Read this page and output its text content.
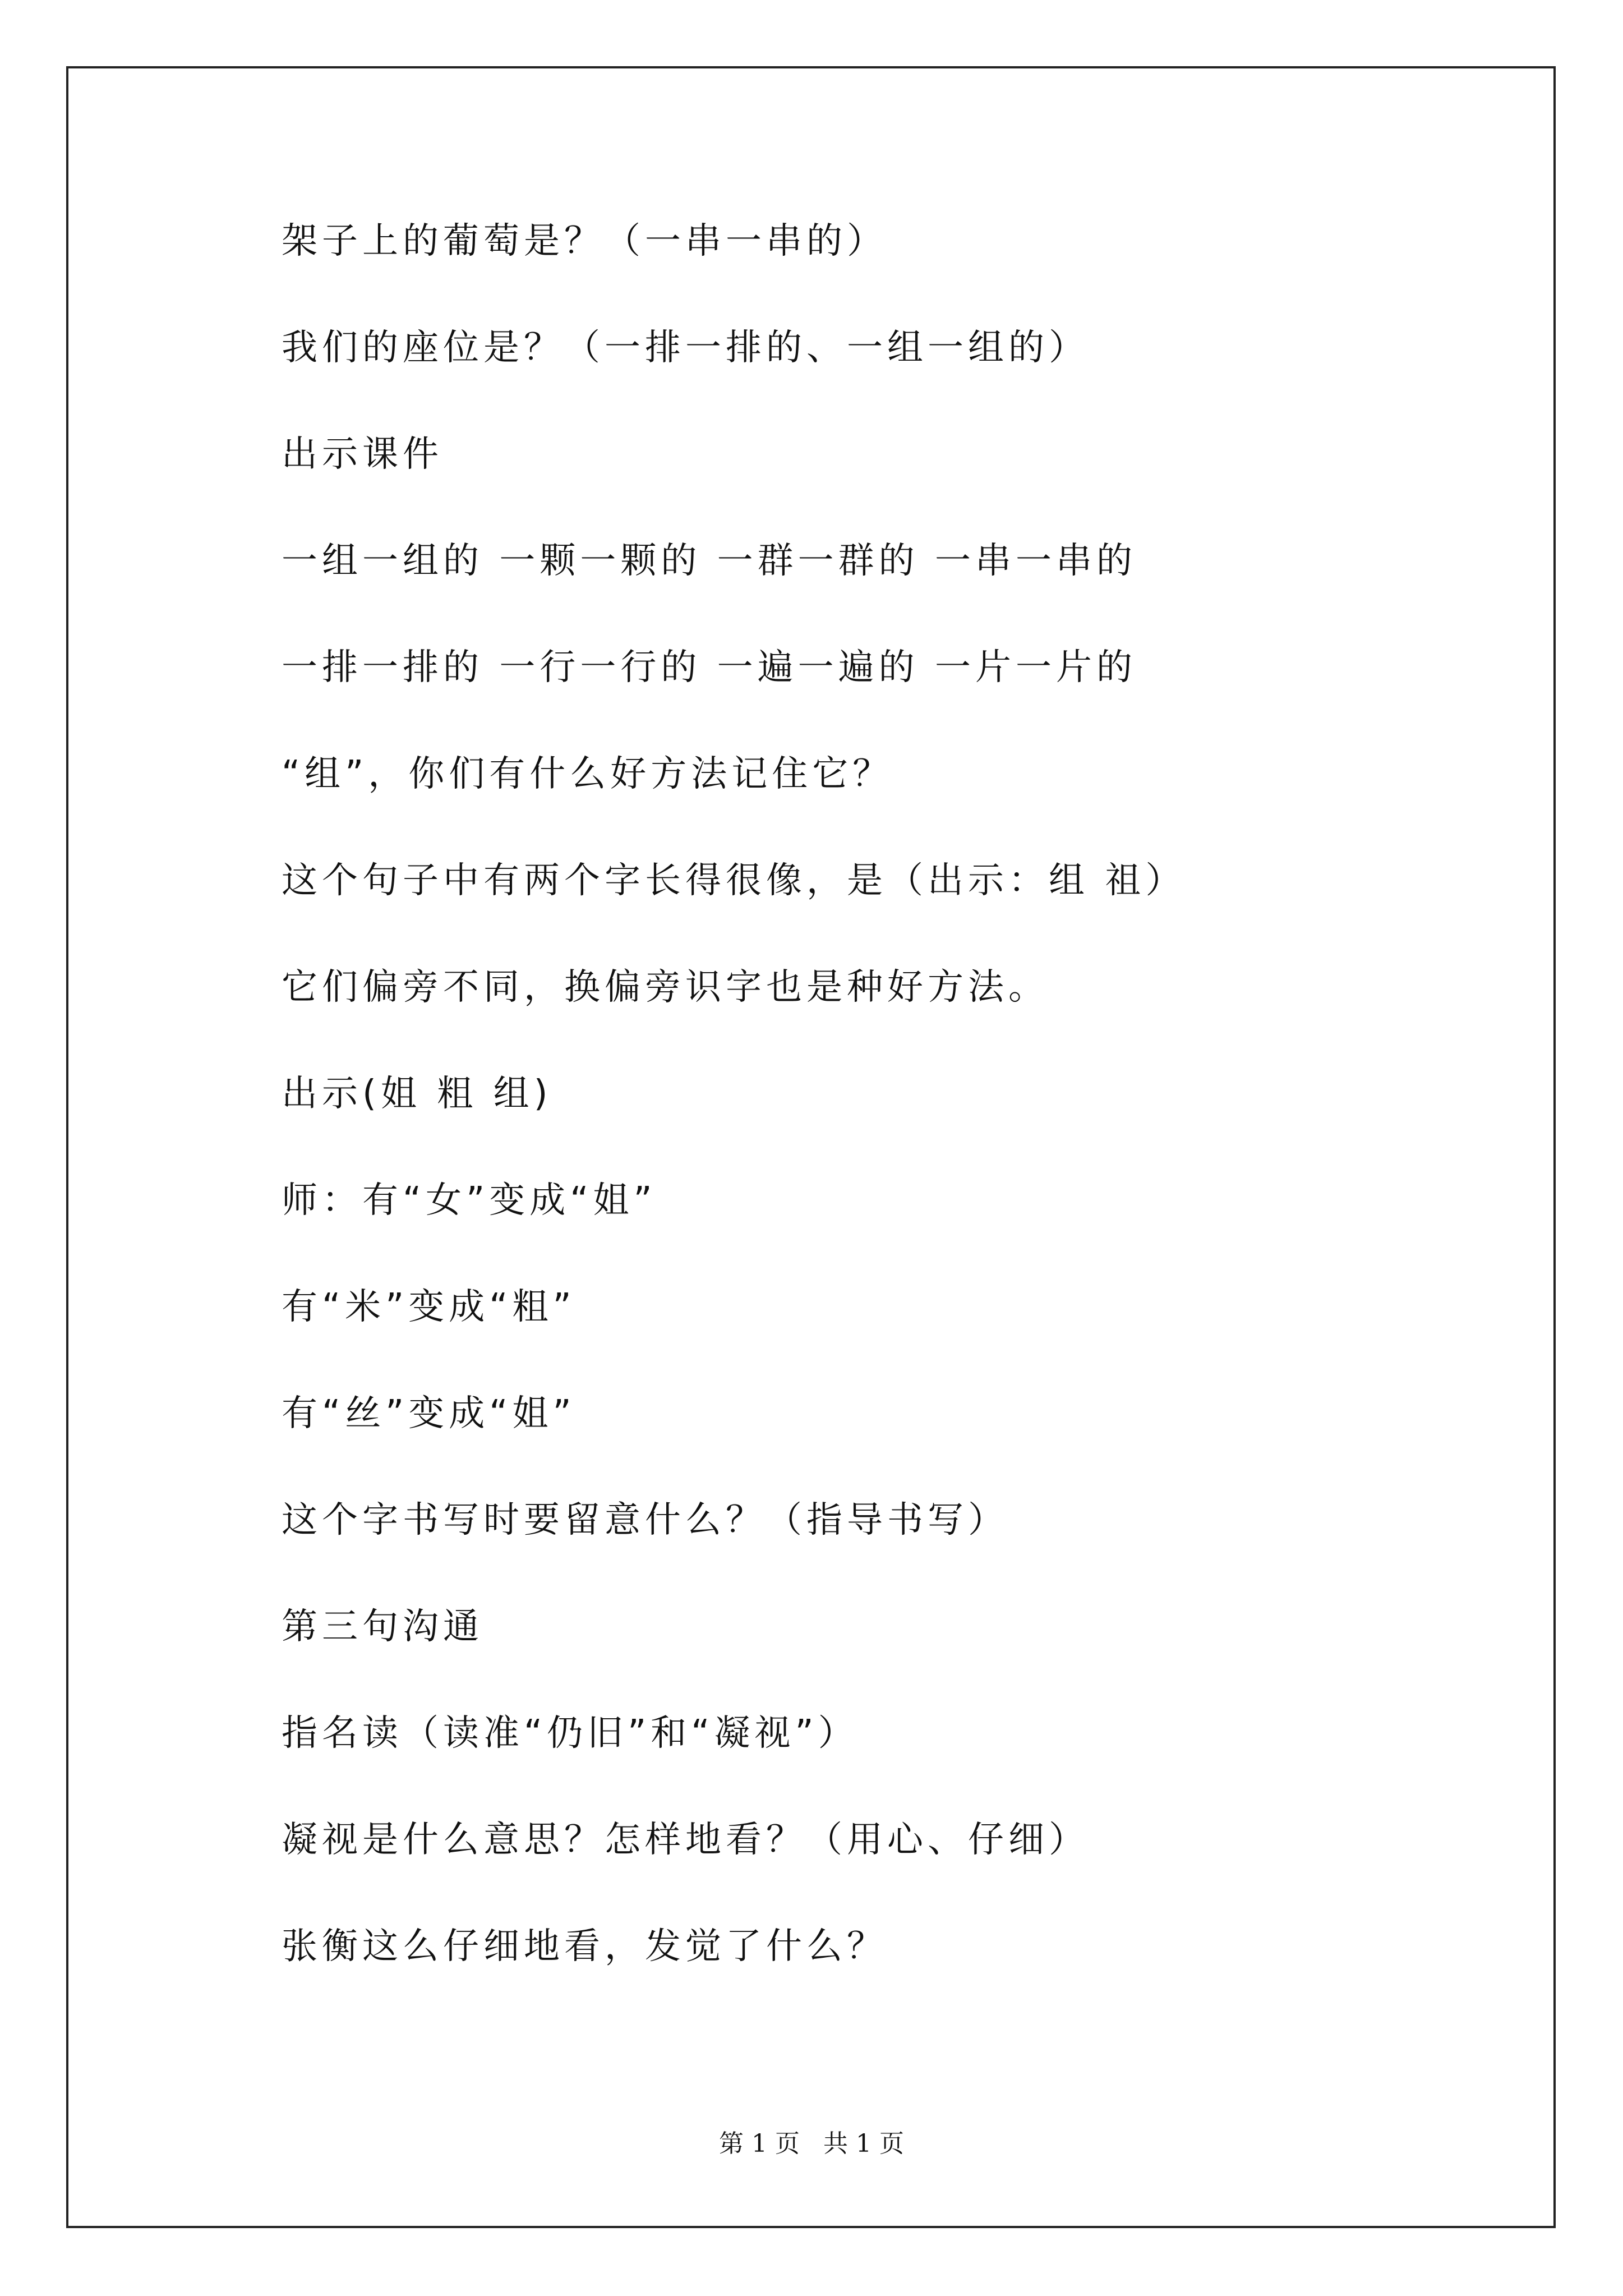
架子上的葡萄是？（一串一串的）
我们的座位是？（一排一排的、一组一组的）
出示课件
一组一组的 一颗一颗的 一群一群的 一串一串的
一排一排的 一行一行的 一遍一遍的 一片一片的
“组”，你们有什么好方法记住它？
这个句子中有两个字长得很像，是（出示：组 祖）
它们偏旁不同，换偏旁识字也是种好方法。
出示(姐 粗 组)
师：有“女”变成“姐”
有“米”变成“粗”
有“丝”变成“姐”
这个字书写时要留意什么？（指导书写）
第三句沟通
指名读（读准“仍旧”和“凝视”）
凝视是什么意思？怎样地看？（用心、仔细）
张衡这么仔细地看，发觉了什么？
第 1 页   共 1 页
